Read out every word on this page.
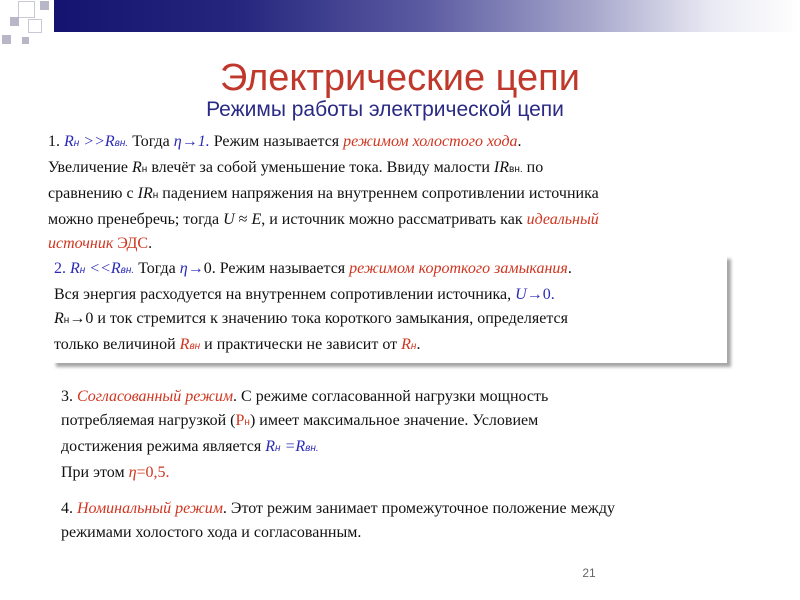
Электрические цепи
Режимы работы электрической цепи

1. Rн >>Rвн. Тогда η→1. Режим называется режимом холостого хода.

Увеличение Rн влечёт за собой уменьшение тока. Ввиду малости IRвн. по

сравнению с IRн падением напряжения на внутреннем сопротивлении источника

можно пренебречь; тогда U ≈ E, и источник можно рассматривать как идеальный

источник ЭДС.

2. Rн <<Rвн. Тогда η→0. Режим называется режимом короткого замыкания.

Вся энергия расходуется на внутреннем сопротивлении источника, U→0.

Rн→0 и ток стремится к значению тока короткого замыкания, определяется

только величиной Rвн и практически не зависит от Rн.

3. Согласованный режим. С режиме согласованной нагрузки мощность

потребляемая нагрузкой (Рн) имеет максимальное значение. Условием

достижения режима является Rн =Rвн.

При этом η=0,5.

4. Номинальный режим. Этот режим занимает промежуточное положение между

режимами холостого хода и согласованным.

21
